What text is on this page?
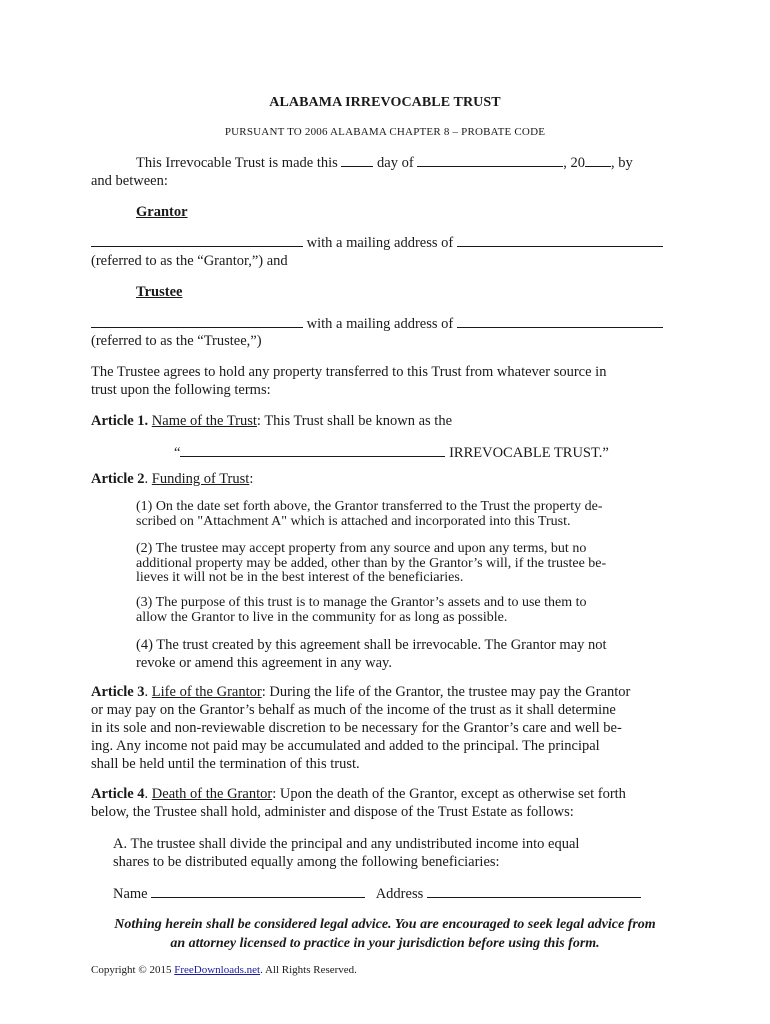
ALABAMA IRREVOCABLE TRUST
PURSUANT TO 2006 ALABAMA CHAPTER 8 – PROBATE CODE
This Irrevocable Trust is made this	day of	, 20 , by
and between:
Grantor
with a mailing address of
(referred to as the “Grantor,”) and
Trustee
with a mailing address of
(referred to as the “Trustee,”)
The Trustee agrees to hold any property transferred to this Trust from whatever source in
trust upon the following terms:
Article 1. Name of the Trust: This Trust shall be known as the
“	IRREVOCABLE TRUST.”
Article 2. Funding of Trust:
(1) On the date set forth above, the Grantor transferred to the Trust the property de-
scribed on "Attachment A" which is attached and incorporated into this Trust.
(2) The trustee may accept property from any source and upon any terms, but no
additional property may be added, other than by the Grantor’s will, if the trustee be-
lieves it will not be in the best interest of the beneficiaries.
(3) The purpose of this trust is to manage the Grantor’s assets and to use them to
allow the Grantor to live in the community for as long as possible.
(4) The trust created by this agreement shall be irrevocable. The Grantor may not
revoke or amend this agreement in any way.
Article 3. Life of the Grantor: During the life of the Grantor, the trustee may pay the Grantor
or may pay on the Grantor’s behalf as much of the income of the trust as it shall determine
in its sole and non-reviewable discretion to be necessary for the Grantor’s care and well be-
ing. Any income not paid may be accumulated and added to the principal. The principal
shall be held until the termination of this trust.
Article 4. Death of the Grantor: Upon the death of the Grantor, except as otherwise set forth
below, the Trustee shall hold, administer and dispose of the Trust Estate as follows:
A. The trustee shall divide the principal and any undistributed income into equal
shares to be distributed equally among the following beneficiaries:
Name	Address
Nothing herein shall be considered legal advice. You are encouraged to seek legal advice from
an attorney licensed to practice in your jurisdiction before using this form.
Copyright © 2015 FreeDownloads.net. All Rights Reserved.
